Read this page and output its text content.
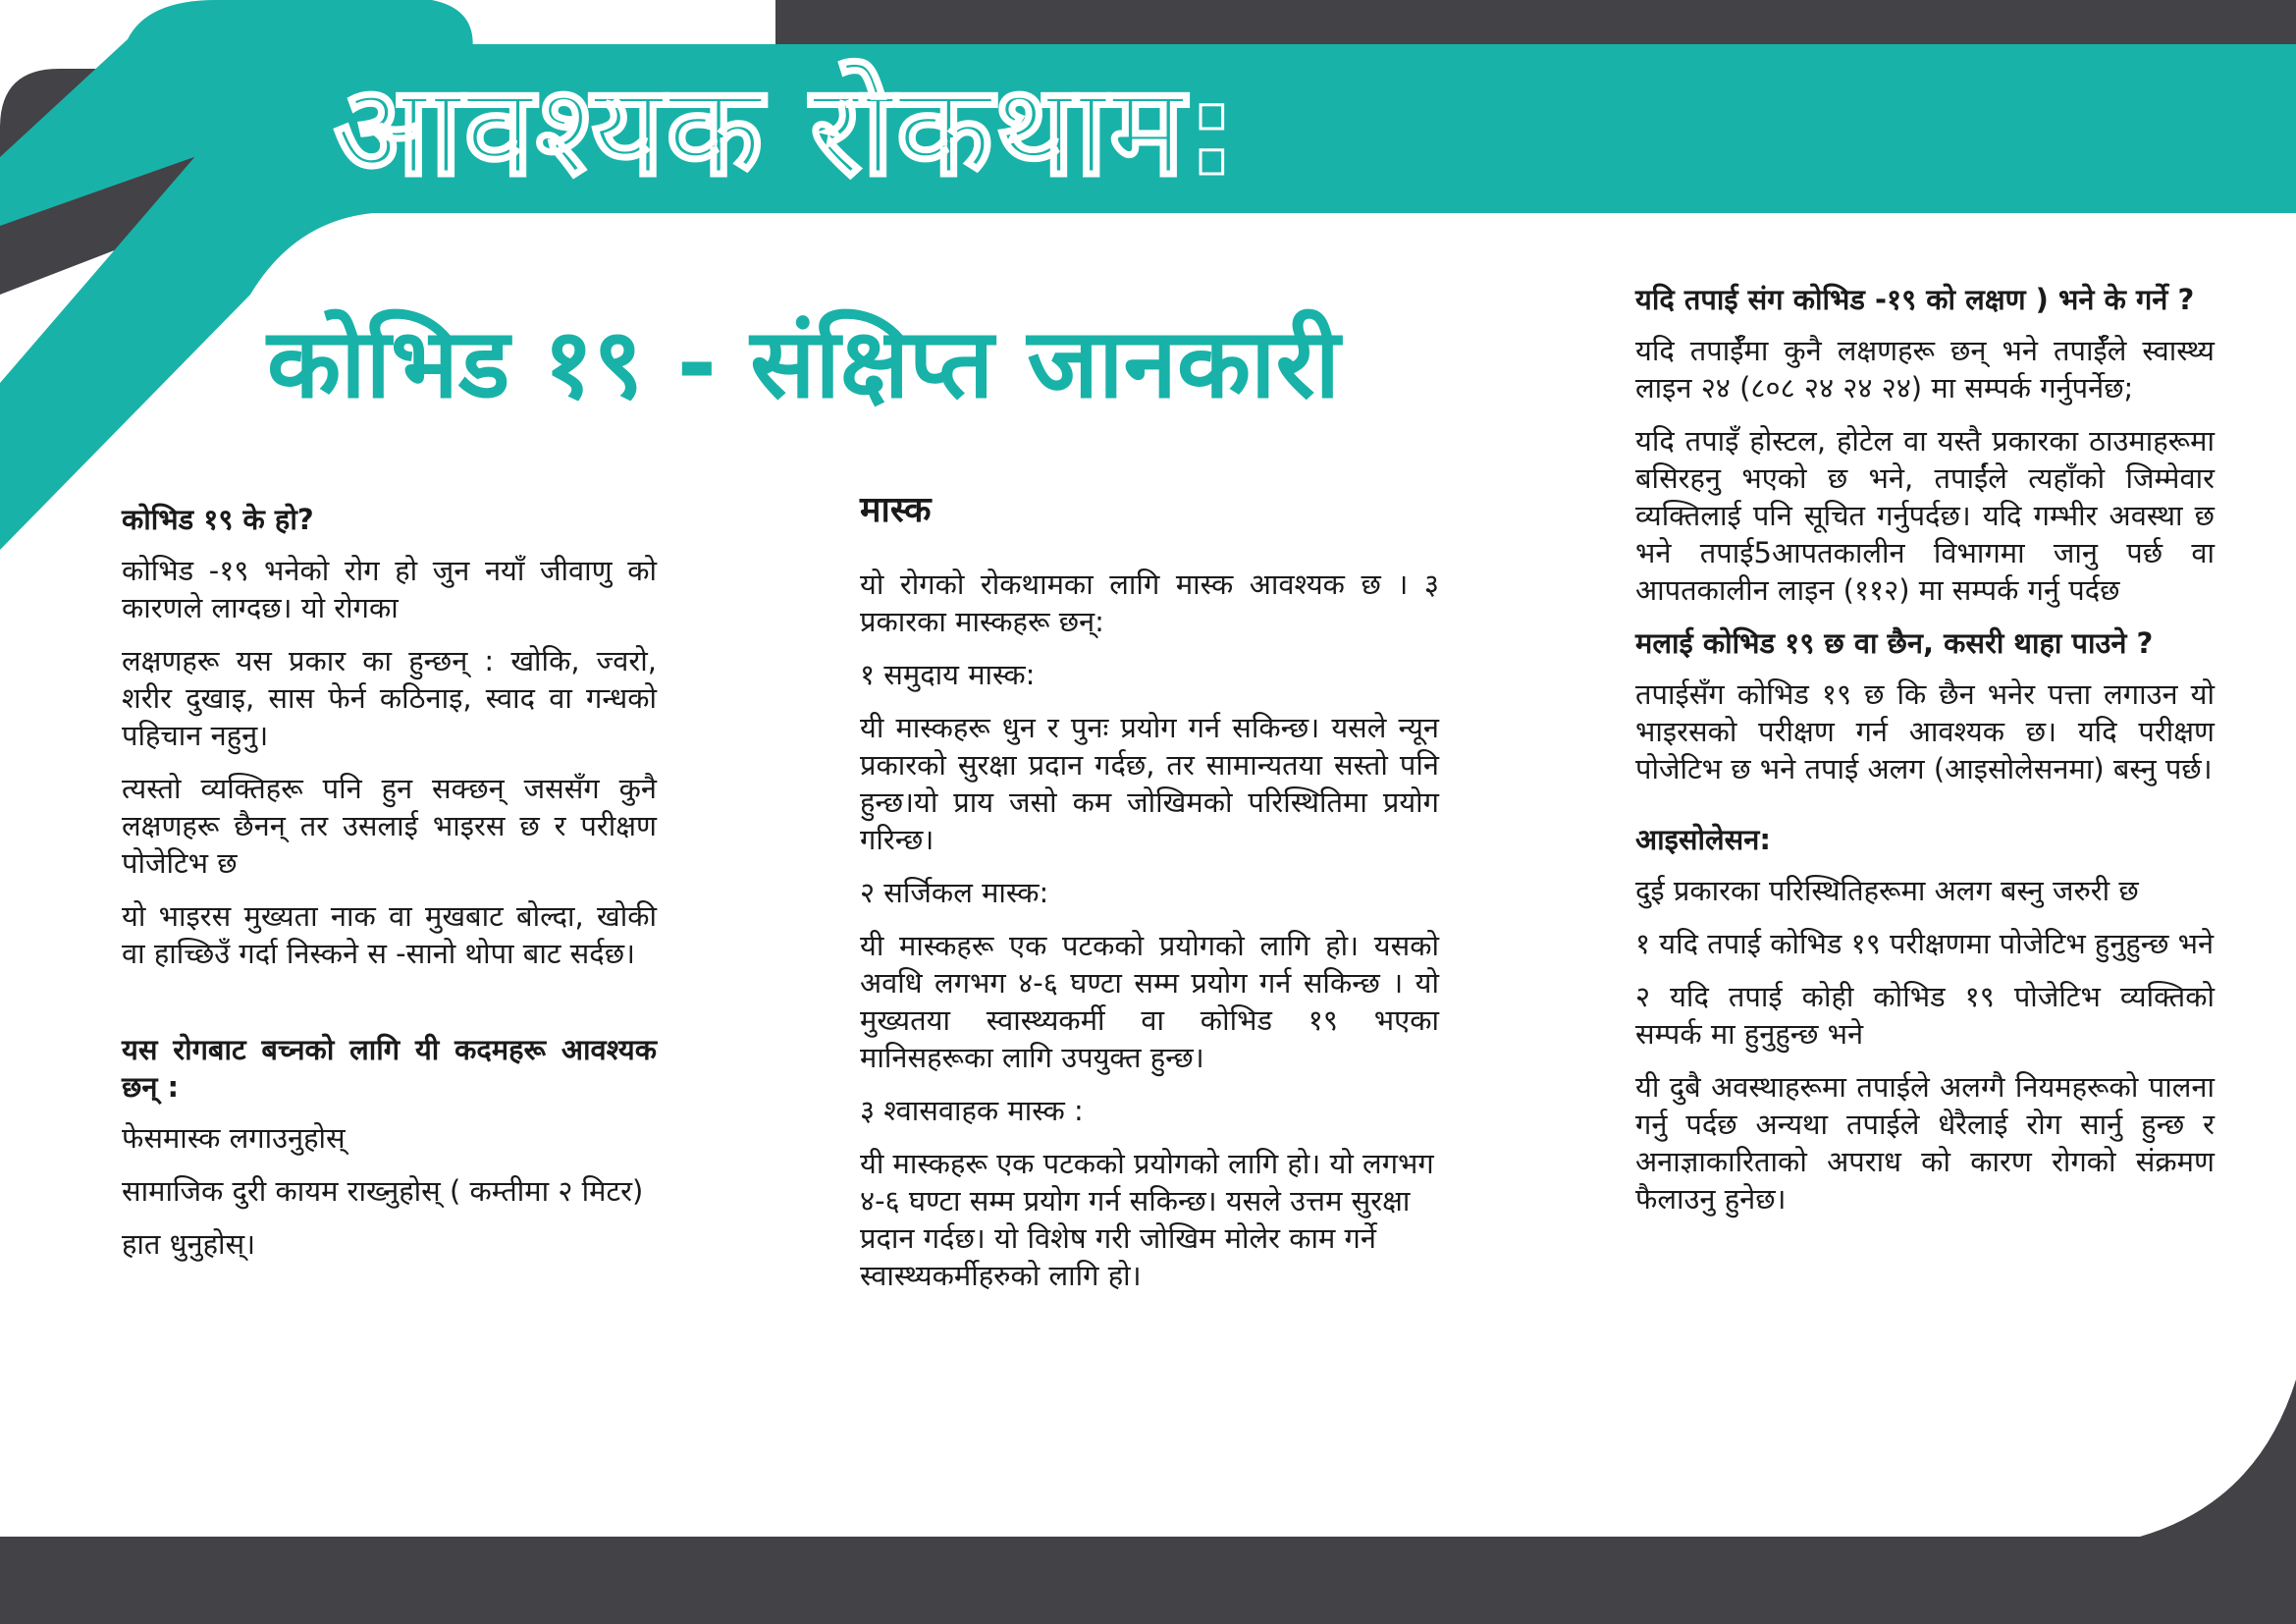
आवश्यक रोकथाम:
कोभिड १९ - संक्षिप्त जानकारी
कोभिड १९ के हो?

कोभिड -१९ भनेको रोग हो जुन नयाँ जीवाणु को कारणले लाग्दछ। यो रोगका

लक्षणहरू यस प्रकार का हुन्छन् : खोकि, ज्वरो, शरीर दुखाइ, सास फेर्न कठिनाइ, स्वाद वा गन्धको पहिचान नहुनु।

त्यस्तो व्यक्तिहरू पनि हुन सक्छन् जससँग कुनै लक्षणहरू छैनन् तर उसलाई भाइरस छ र परीक्षण पोजेटिभ छ

यो भाइरस मुख्यता नाक वा मुखबाट बोल्दा, खोकी वा हाच्छिउँ गर्दा निस्कने स -सानो थोपा बाट सर्दछ।

यस रोगबाट बच्नको लागि यी कदमहरू आवश्यक छन् :

फेसमास्क लगाउनुहोस्

सामाजिक दुरी कायम राख्नुहोस् ( कम्तीमा २ मिटर)

हात धुनुहोस्।

मास्क

यो रोगको रोकथामका लागि मास्क आवश्यक छ । ३ प्रकारका मास्कहरू छन्:

१ समुदाय मास्क:

यी मास्कहरू धुन र पुनः प्रयोग गर्न सकिन्छ। यसले न्यून प्रकारको सुरक्षा प्रदान गर्दछ, तर सामान्यतया सस्तो पनि हुन्छ।यो प्राय जसो कम जोखिमको परिस्थितिमा प्रयोग गरिन्छ।

२ सर्जिकल मास्क:

यी मास्कहरू एक पटकको प्रयोगको लागि हो। यसको अवधि लगभग ४-६ घण्टा सम्म प्रयोग गर्न सकिन्छ । यो मुख्यतया स्वास्थ्यकर्मी वा कोभिड १९ भएका मानिसहरूका लागि उपयुक्त हुन्छ।

३ श्वासवाहक मास्क :

यी मास्कहरू एक पटकको प्रयोगको लागि हो। यो लगभग ४-६ घण्टा सम्म प्रयोग गर्न सकिन्छ। यसले उत्तम सुरक्षा प्रदान गर्दछ। यो विशेष गरी जोखिम मोलेर काम गर्ने स्वास्थ्यकर्मीहरुको लागि हो।

यदि तपाई संग कोभिड -१९ को लक्षण ) भने के गर्ने ?

यदि तपाईँमा कुनै लक्षणहरू छन् भने तपाईँले स्वास्थ्य लाइन २४ (८०८ २४ २४ २४) मा सम्पर्क गर्नुपर्नेछ;

यदि तपाइँ होस्टल, होटेल वा यस्तै प्रकारका ठाउमाहरूमा बसिरहनु भएको छ भने, तपाईंले त्यहाँको जिम्मेवार व्यक्तिलाई पनि सूचित गर्नुपर्दछ। यदि गम्भीर अवस्था छ भने तपाई5आपतकालीन विभागमा जानु पर्छ वा आपतकालीन लाइन (११२) मा सम्पर्क गर्नु पर्दछ

मलाई कोभिड १९ छ वा छैन, कसरी थाहा पाउने ?

तपाईसँग कोभिड १९ छ कि छैन भनेर पत्ता लगाउन यो भाइरसको परीक्षण गर्न आवश्यक छ। यदि परीक्षण पोजेटिभ छ भने तपाई अलग (आइसोलेसनमा) बस्नु पर्छ।

आइसोलेसन:

दुई प्रकारका परिस्थितिहरूमा अलग बस्नु जरुरी छ

१ यदि तपाई कोभिड १९ परीक्षणमा पोजेटिभ हुनुहुन्छ भने

२ यदि तपाई कोही कोभिड १९ पोजेटिभ व्यक्तिको सम्पर्क मा हुनुहुन्छ भने

यी दुबै अवस्थाहरूमा तपाईले अलग्गै नियमहरूको पालना गर्नु पर्दछ अन्यथा तपाईले धेरैलाई रोग सार्नु हुन्छ र अनाज्ञाकारिताको अपराध को कारण रोगको संक्रमण फैलाउनु हुनेछ।
